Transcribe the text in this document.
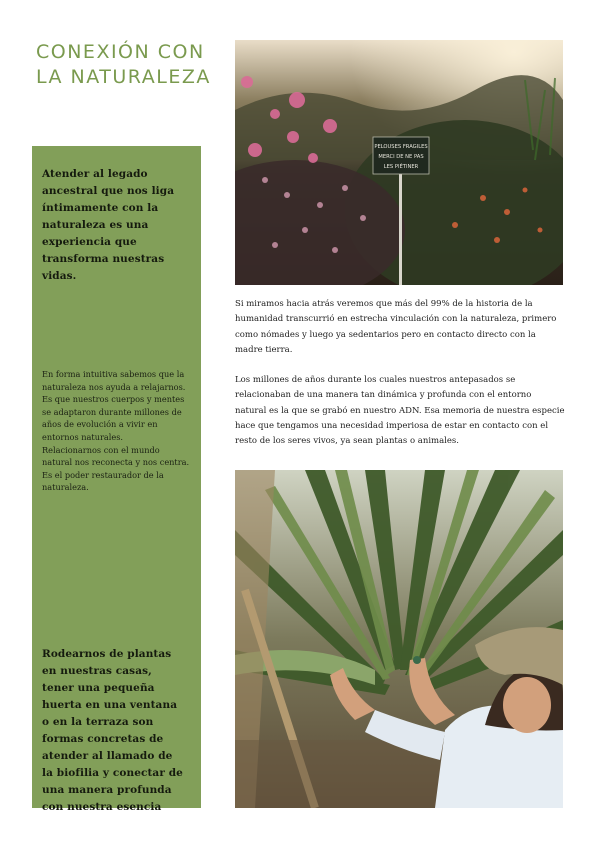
CONEXIÓN CON
LA NATURALEZA

Atender al legado ancestral que nos liga íntimamente con la naturaleza es una experiencia que transforma nuestras vidas.

En forma intuitiva sabemos que la naturaleza nos ayuda a relajarnos.
Es que nuestros cuerpos y mentes se adaptaron durante millones de años de evolución a vivir en entornos naturales.
Relacionarnos con el mundo natural nos reconecta y nos centra.
Es el poder restaurador de la naturaleza.

Rodearnos de plantas en nuestras casas, tener una pequeña huerta en una ventana o en la terraza son formas concretas de atender al llamado de la biofilia y conectar de una manera profunda con nuestra esencia

PELOUSES FRAGILES
MERCI DE NE PAS
LES PIÉTINER

Si miramos hacia atrás veremos que más del 99% de la historia de la humanidad transcurrió en estrecha vinculación con la naturaleza, primero como nómades y luego ya sedentarios pero en contacto directo con la madre tierra.

Los millones de años durante los cuales nuestros antepasados se relacionaban de una manera tan dinámica y profunda con el entorno natural es la que se grabó en nuestro ADN. Esa memoria de nuestra especie hace que tengamos una necesidad imperiosa de estar en contacto con el resto de los seres vivos, ya sean plantas o animales.
